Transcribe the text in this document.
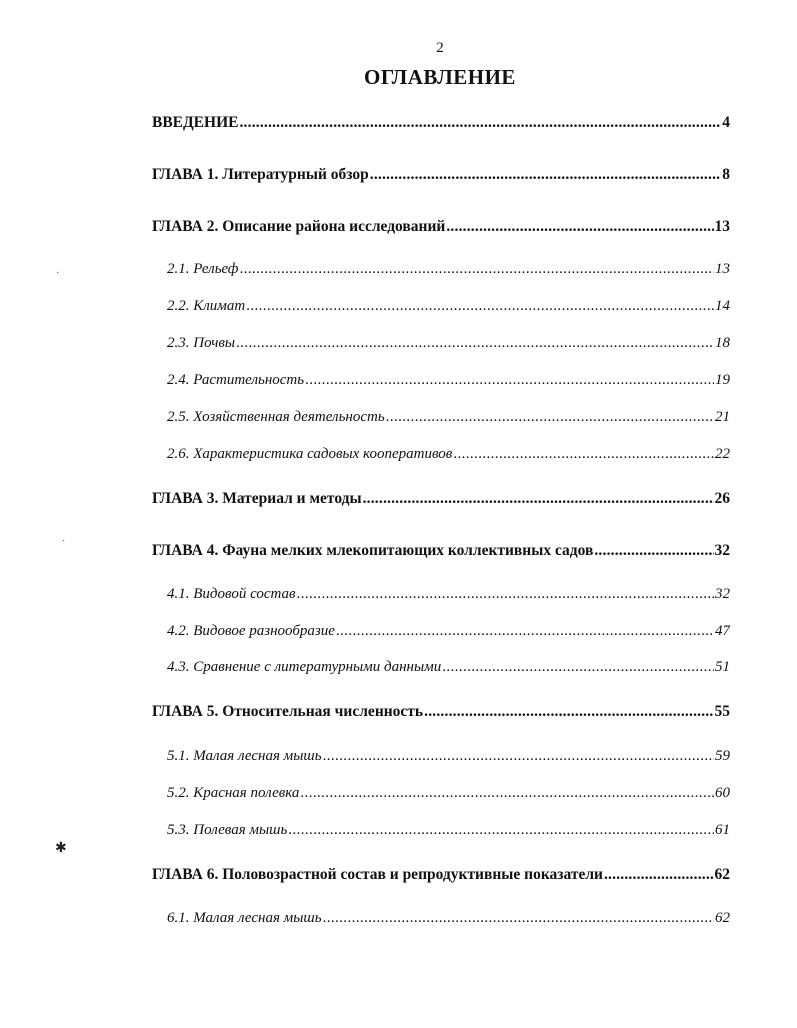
2
ОГЛАВЛЕНИЕ
ВВЕДЕНИЕ .....	4
ГЛАВА 1. Литературный обзор .....	8
ГЛАВА 2. Описание района исследований .....	13
2.1. Рельеф .....	13
2.2. Климат .....	14
2.3. Почвы .....	18
2.4. Растительность .....	19
2.5. Хозяйственная деятельность .....	21
2.6. Характеристика садовых кооперативов .....	22
ГЛАВА 3. Материал и методы .....	26
ГЛАВА 4. Фауна мелких млекопитающих коллективных садов .....	32
4.1. Видовой состав .....	32
4.2. Видовое разнообразие .....	47
4.3. Сравнение с литературными данными .....	51
ГЛАВА 5. Относительная численность .....	55
5.1. Малая лесная мышь .....	59
5.2. Красная полевка .....	60
5.3. Полевая мышь .....	61
ГЛАВА 6. Половозрастной состав и репродуктивные показатели .....	62
6.1. Малая лесная мышь .....	62
·
·
✱
